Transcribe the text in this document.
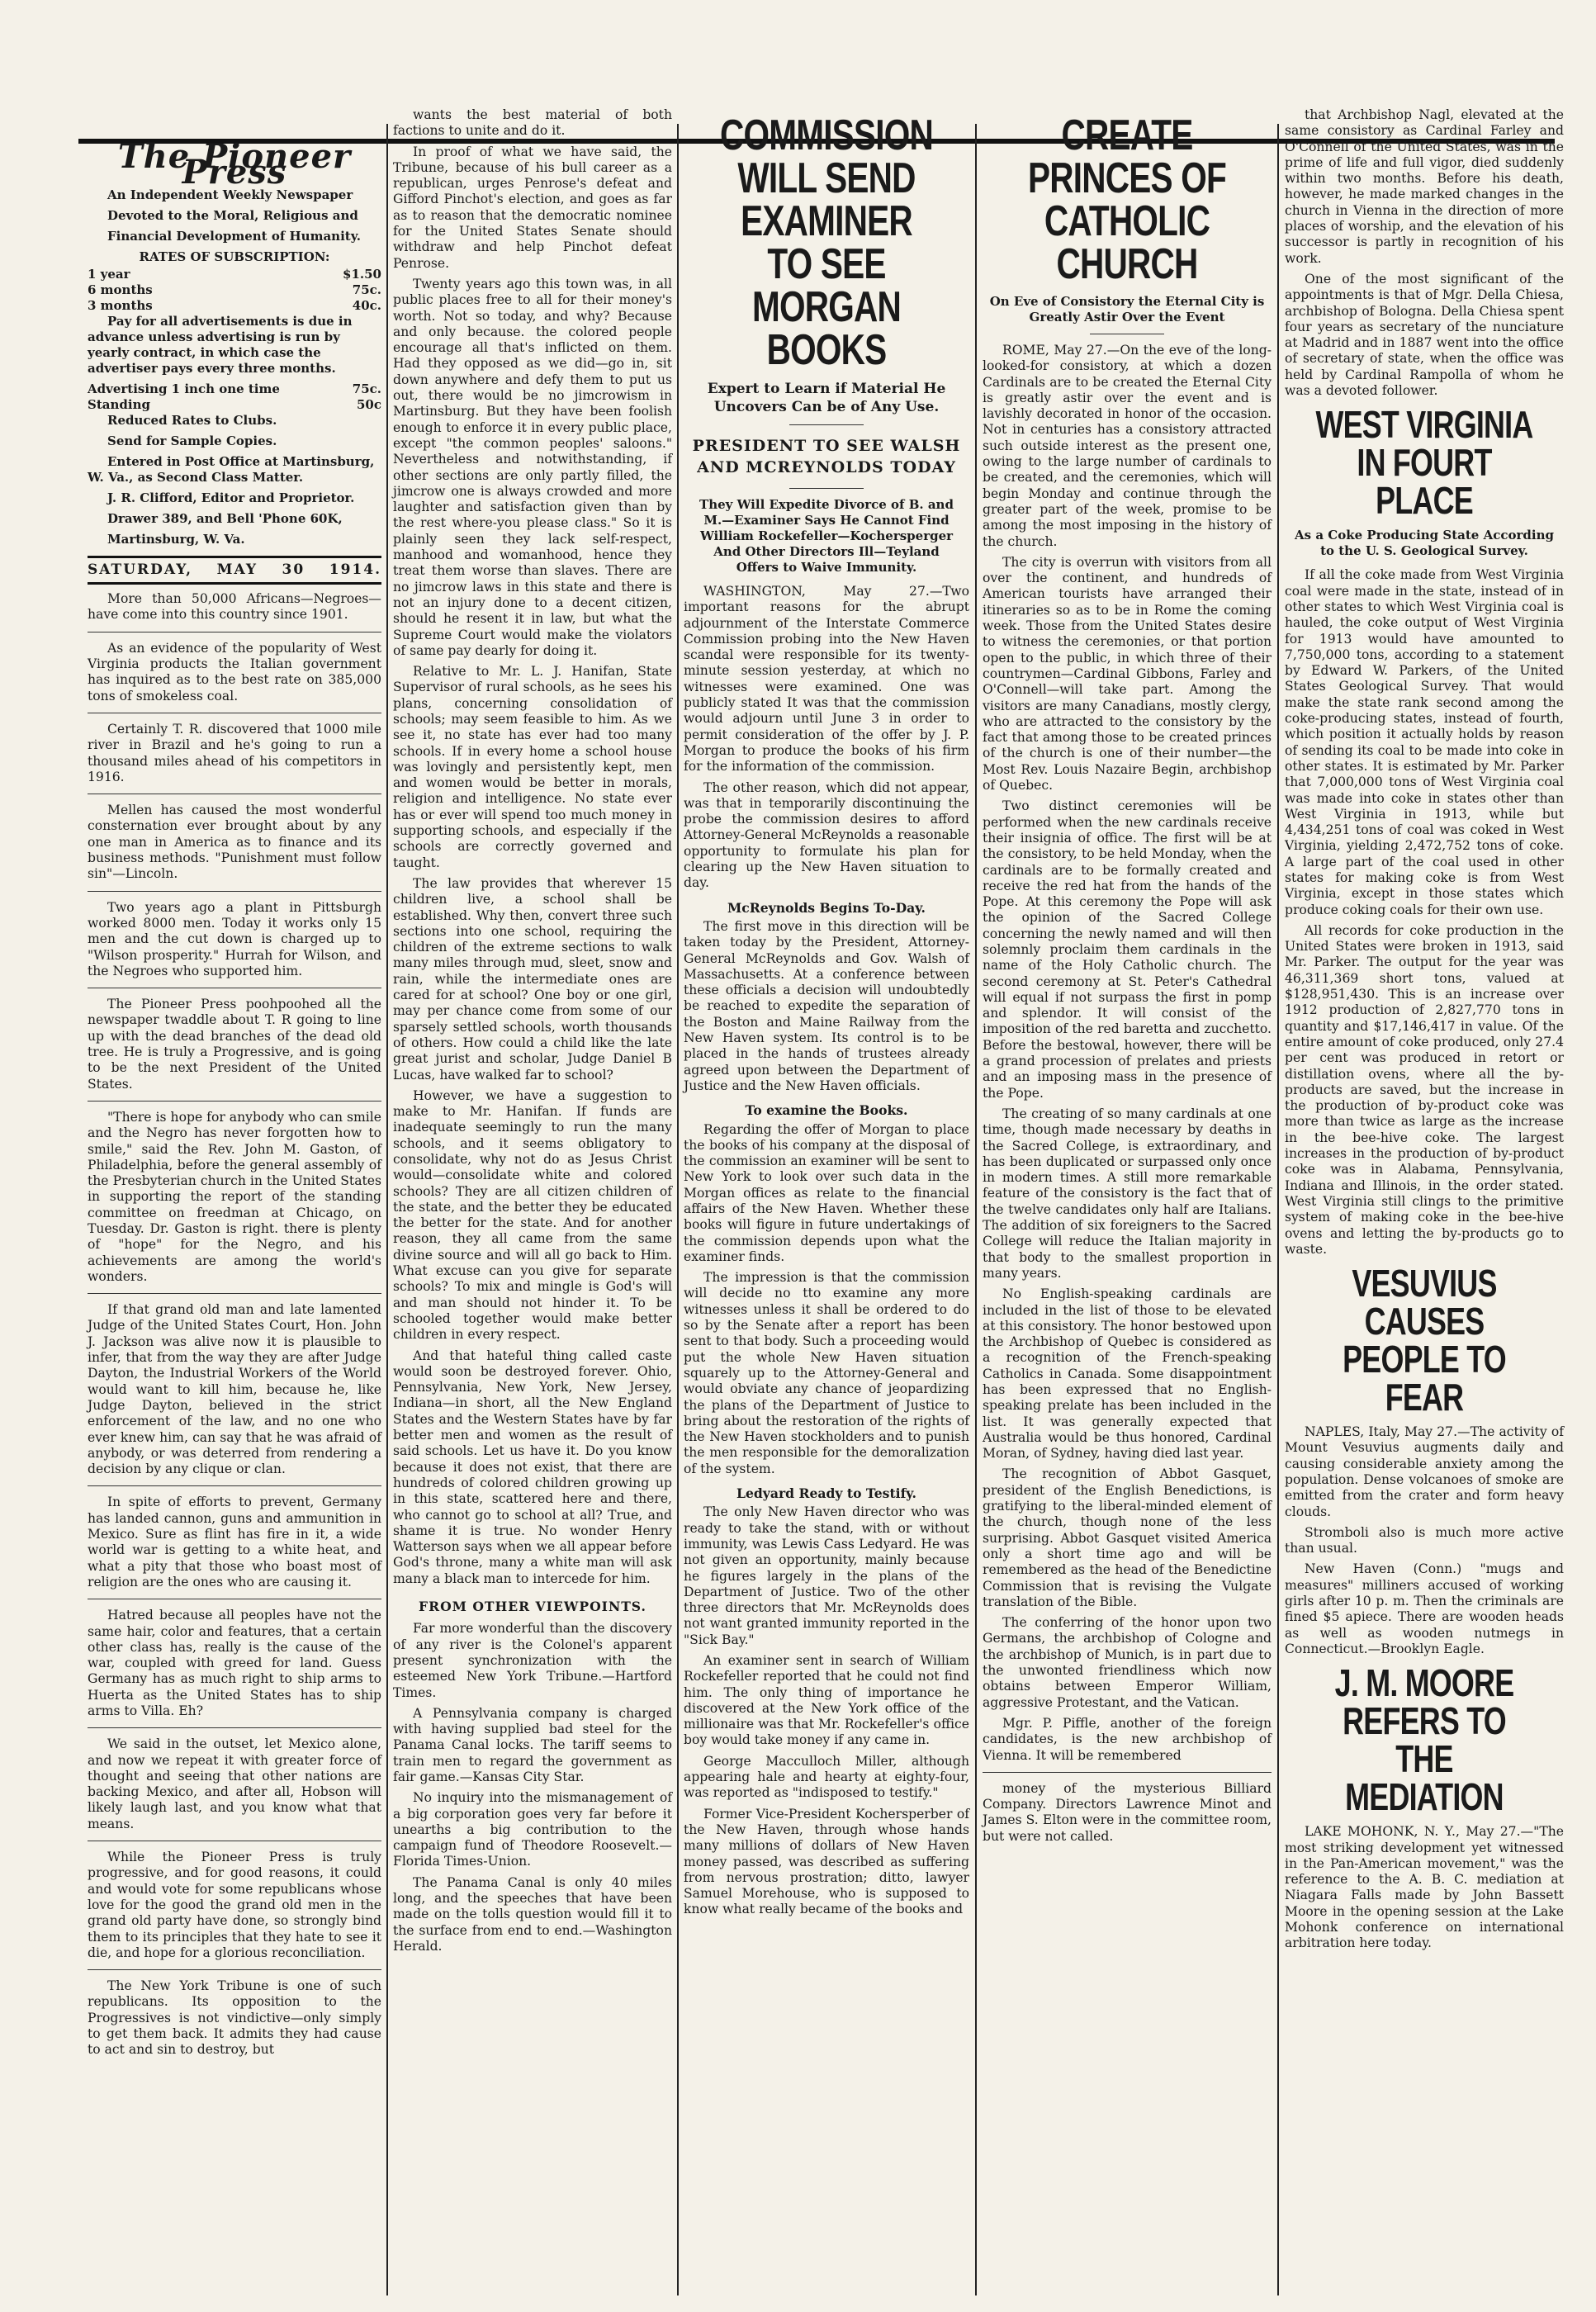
The Pioneer Press

An Independent Weekly Newspaper

Devoted to the Moral, Religious and

Financial Development of Humanity.

RATES OF SUBSCRIPTION:
1 year	$1.50
6 months	75c.
3 months	40c.

Pay for all advertisements is due in advance unless advertising is run by yearly contract, in which case the advertiser pays every three months.

Advertising 1 inch one time	75c.
Standing	50c

Reduced Rates to Clubs.

Send for Sample Copies.

Entered in Post Office at Martinsburg, W. Va., as Second Class Matter.

J. R. Clifford, Editor and Proprietor.

Drawer 389, and Bell 'Phone 60K,

Martinsburg, W. Va.

SATURDAY, MAY 30 1914.

More than 50,000 Africans—Negroes—have come into this country since 1901.

As an evidence of the popularity of West Virginia products the Italian government has inquired as to the best rate on 385,000 tons of smokeless coal.

Certainly T. R. discovered that 1000 mile river in Brazil and he's going to run a thousand miles ahead of his competitors in 1916.

Mellen has caused the most wonderful consternation ever brought about by any one man in America as to finance and its business methods. "Punishment must follow sin"—Lincoln.

Two years ago a plant in Pittsburgh worked 8000 men. Today it works only 15 men and the cut down is charged up to "Wilson prosperity." Hurrah for Wilson, and the Negroes who supported him.

The Pioneer Press poohpoohed all the newspaper twaddle about T. R going to line up with the dead branches of the dead old tree. He is truly a Progressive, and is going to be the next President of the United States.

"There is hope for anybody who can smile and the Negro has never forgotten how to smile," said the Rev. John M. Gaston, of Philadelphia, before the general assembly of the Presbyterian church in the United States in supporting the report of the standing committee on freedman at Chicago, on Tuesday. Dr. Gaston is right. there is plenty of "hope" for the Negro, and his achievements are among the world's wonders.

If that grand old man and late lamented Judge of the United States Court, Hon. John J. Jackson was alive now it is plausible to infer, that from the way they are after Judge Dayton, the Industrial Workers of the World would want to kill him, because he, like Judge Dayton, believed in the strict enforcement of the law, and no one who ever knew him, can say that he was afraid of anybody, or was deterred from rendering a decision by any clique or clan.

In spite of efforts to prevent, Germany has landed cannon, guns and ammunition in Mexico. Sure as flint has fire in it, a wide world war is getting to a white heat, and what a pity that those who boast most of religion are the ones who are causing it.

Hatred because all peoples have not the same hair, color and features, that a certain other class has, really is the cause of the war, coupled with greed for land. Guess Germany has as much right to ship arms to Huerta as the United States has to ship arms to Villa. Eh?

We said in the outset, let Mexico alone, and now we repeat it with greater force of thought and seeing that other nations are backing Mexico, and after all, Hobson will likely laugh last, and you know what that means.

While the Pioneer Press is truly progressive, and for good reasons, it could and would vote for some republicans whose love for the good the grand old men in the grand old party have done, so strongly bind them to its principles that they hate to see it die, and hope for a glorious reconciliation.

The New York Tribune is one of such republicans. Its opposition to the Progressives is not vindictive—only simply to get them back. It admits they had cause to act and sin to destroy, but

wants the best material of both factions to unite and do it.

In proof of what we have said, the Tribune, because of his bull career as a republican, urges Penrose's defeat and Gifford Pinchot's election, and goes as far as to reason that the democratic nominee for the United States Senate should withdraw and help Pinchot defeat Penrose.

Twenty years ago this town was, in all public places free to all for their money's worth. Not so today, and why? Because and only because. the colored people encourage all that's inflicted on them. Had they opposed as we did—go in, sit down anywhere and defy them to put us out, there would be no jimcrowism in Martinsburg. But they have been foolish enough to enforce it in every public place, except "the common peoples' saloons." Nevertheless and notwithstanding, if other sections are only partly filled, the jimcrow one is always crowded and more laughter and satisfaction given than by the rest where-you please class." So it is plainly seen they lack self-respect, manhood and womanhood, hence they treat them worse than slaves. There are no jimcrow laws in this state and there is not an injury done to a decent citizen, should he resent it in law, but what the Supreme Court would make the violators of same pay dearly for doing it.

Relative to Mr. L. J. Hanifan, State Supervisor of rural schools, as he sees his plans, concerning consolidation of schools; may seem feasible to him. As we see it, no state has ever had too many schools. If in every home a school house was lovingly and persistently kept, men and women would be better in morals, religion and intelligence. No state ever has or ever will spend too much money in supporting schools, and especially if the schools are correctly governed and taught.

The law provides that wherever 15 children live, a school shall be established. Why then, convert three such sections into one school, requiring the children of the extreme sections to walk many miles through mud, sleet, snow and rain, while the intermediate ones are cared for at school? One boy or one girl, may per chance come from some of our sparsely settled schools, worth thousands of others. How could a child like the late great jurist and scholar, Judge Daniel B Lucas, have walked far to school?

However, we have a suggestion to make to Mr. Hanifan. If funds are inadequate seemingly to run the many schools, and it seems obligatory to consolidate, why not do as Jesus Christ would—consolidate white and colored schools? They are all citizen children of the state, and the better they be educated the better for the state. And for another reason, they all came from the same divine source and will all go back to Him. What excuse can you give for separate schools? To mix and mingle is God's will and man should not hinder it. To be schooled together would make better children in every respect.

And that hateful thing called caste would soon be destroyed forever. Ohio, Pennsylvania, New York, New Jersey, Indiana—in short, all the New England States and the Western States have by far better men and women as the result of said schools. Let us have it. Do you know because it does not exist, that there are hundreds of colored children growing up in this state, scattered here and there, who cannot go to school at all? True, and shame it is true. No wonder Henry Watterson says when we all appear before God's throne, many a white man will ask many a black man to intercede for him.

FROM OTHER VIEWPOINTS.

Far more wonderful than the discovery of any river is the Colonel's apparent present synchronization with the esteemed New York Tribune.—Hartford Times.

A Pennsylvania company is charged with having supplied bad steel for the Panama Canal locks. The tariff seems to train men to regard the government as fair game.—Kansas City Star.

No inquiry into the mismanagement of a big corporation goes very far before it unearths a big contribution to the campaign fund of Theodore Roosevelt.—Florida Times-Union.

The Panama Canal is only 40 miles long, and the speeches that have been made on the tolls question would fill it to the surface from end to end.—Washington Herald.

COMMISSION WILL SEND EXAMINER TO SEE MORGAN BOOKS
Expert to Learn if Material He Uncovers Can be of Any Use.
PRESIDENT TO SEE WALSH AND MCREYNOLDS TODAY
They Will Expedite Divorce of B. and M.—Examiner Says He Cannot Find William Rockefeller—Kochersperger And Other Directors Ill—Teyland Offers to Waive Immunity.

WASHINGTON, May 27.—Two important reasons for the abrupt adjournment of the Interstate Commerce Commission probing into the New Haven scandal were responsible for its twenty-minute session yesterday, at which no witnesses were examined. One was publicly stated It was that the commission would adjourn until June 3 in order to permit consideration of the offer by J. P. Morgan to produce the books of his firm for the information of the commission.

The other reason, which did not appear, was that in temporarily discontinuing the probe the commission desires to afford Attorney-General McReynolds a reasonable opportunity to formulate his plan for clearing up the New Haven situation to day.

McReynolds Begins To-Day.

The first move in this direction will be taken today by the President, Attorney-General McReynolds and Gov. Walsh of Massachusetts. At a conference between these officials a decision will undoubtedly be reached to expedite the separation of the Boston and Maine Railway from the New Haven system. Its control is to be placed in the hands of trustees already agreed upon between the Department of Justice and the New Haven officials.

To examine the Books.

Regarding the offer of Morgan to place the books of his company at the disposal of the commission an examiner will be sent to New York to look over such data in the Morgan offices as relate to the financial affairs of the New Haven. Whether these books will figure in future undertakings of the commission depends upon what the examiner finds.

The impression is that the commission will decide no tto examine any more witnesses unless it shall be ordered to do so by the Senate after a report has been sent to that body. Such a proceeding would put the whole New Haven situation squarely up to the Attorney-General and would obviate any chance of jeopardizing the plans of the Department of Justice to bring about the restoration of the rights of the New Haven stockholders and to punish the men responsible for the demoralization of the system.

Ledyard Ready to Testify.

The only New Haven director who was ready to take the stand, with or without immunity, was Lewis Cass Ledyard. He was not given an opportunity, mainly because he figures largely in the plans of the Department of Justice. Two of the other three directors that Mr. McReynolds does not want granted immunity reported in the "Sick Bay."

An examiner sent in search of William Rockefeller reported that he could not find him. The only thing of importance he discovered at the New York office of the millionaire was that Mr. Rockefeller's office boy would take money if any came in.

George Macculloch Miller, although appearing hale and hearty at eighty-four, was reported as "indisposed to testify."

Former Vice-President Kochersperber of the New Haven, through whose hands many millions of dollars of New Haven money passed, was described as suffering from nervous prostration; ditto, lawyer Samuel Morehouse, who is supposed to know what really became of the books and

CREATE PRINCES OF CATHOLIC CHURCH
On Eve of Consistory the Eternal City is Greatly Astir Over the Event

ROME, May 27.—On the eve of the long-looked-for consistory, at which a dozen Cardinals are to be created the Eternal City is greatly astir over the event and is lavishly decorated in honor of the occasion. Not in centuries has a consistory attracted such outside interest as the present one, owing to the large number of cardinals to be created, and the ceremonies, which will begin Monday and continue through the greater part of the week, promise to be among the most imposing in the history of the church.

The city is overrun with visitors from all over the continent, and hundreds of American tourists have arranged their itineraries so as to be in Rome the coming week. Those from the United States desire to witness the ceremonies, or that portion open to the public, in which three of their countrymen—Cardinal Gibbons, Farley and O'Connell—will take part. Among the visitors are many Canadians, mostly clergy, who are attracted to the consistory by the fact that among those to be created princes of the church is one of their number—the Most Rev. Louis Nazaire Begin, archbishop of Quebec.

Two distinct ceremonies will be performed when the new cardinals receive their insignia of office. The first will be at the consistory, to be held Monday, when the cardinals are to be formally created and receive the red hat from the hands of the Pope. At this ceremony the Pope will ask the opinion of the Sacred College concerning the newly named and will then solemnly proclaim them cardinals in the name of the Holy Catholic church. The second ceremony at St. Peter's Cathedral will equal if not surpass the first in pomp and splendor. It will consist of the imposition of the red baretta and zucchetto. Before the bestowal, however, there will be a grand procession of prelates and priests and an imposing mass in the presence of the Pope.

The creating of so many cardinals at one time, though made necessary by deaths in the Sacred College, is extraordinary, and has been duplicated or surpassed only once in modern times. A still more remarkable feature of the consistory is the fact that of the twelve candidates only half are Italians. The addition of six foreigners to the Sacred College will reduce the Italian majority in that body to the smallest proportion in many years.

No English-speaking cardinals are included in the list of those to be elevated at this consistory. The honor bestowed upon the Archbishop of Quebec is considered as a recognition of the French-speaking Catholics in Canada. Some disappointment has been expressed that no English-speaking prelate has been included in the list. It was generally expected that Australia would be thus honored, Cardinal Moran, of Sydney, having died last year.

The recognition of Abbot Gasquet, president of the English Benedictions, is gratifying to the liberal-minded element of the church, though none of the less surprising. Abbot Gasquet visited America only a short time ago and will be remembered as the head of the Benedictine Commission that is revising the Vulgate translation of the Bible.

The conferring of the honor upon two Germans, the archbishop of Cologne and the archbishop of Munich, is in part due to the unwonted friendliness which now obtains between Emperor William, aggressive Protestant, and the Vatican.

Mgr. P. Piffle, another of the foreign candidates, is the new archbishop of Vienna. It will be remembered

money of the mysterious Billiard Company. Directors Lawrence Minot and James S. Elton were in the committee room, but were not called.

that Archbishop Nagl, elevated at the same consistory as Cardinal Farley and O'Connell of the United States, was in the prime of life and full vigor, died suddenly within two months. Before his death, however, he made marked changes in the church in Vienna in the direction of more places of worship, and the elevation of his successor is partly in recognition of his work.

One of the most significant of the appointments is that of Mgr. Della Chiesa, archbishop of Bologna. Della Chiesa spent four years as secretary of the nunciature at Madrid and in 1887 went into the office of secretary of state, when the office was held by Cardinal Rampolla of whom he was a devoted follower.

WEST VIRGINIA IN FOURT PLACE
As a Coke Producing State According to the U. S. Geological Survey.

If all the coke made from West Virginia coal were made in the state, instead of in other states to which West Virginia coal is hauled, the coke output of West Virginia for 1913 would have amounted to 7,750,000 tons, according to a statement by Edward W. Parkers, of the United States Geological Survey. That would make the state rank second among the coke-producing states, instead of fourth, which position it actually holds by reason of sending its coal to be made into coke in other states. It is estimated by Mr. Parker that 7,000,000 tons of West Virginia coal was made into coke in states other than West Virginia in 1913, while but 4,434,251 tons of coal was coked in West Virginia, yielding 2,472,752 tons of coke. A large part of the coal used in other states for making coke is from West Virginia, except in those states which produce coking coals for their own use.

All records for coke production in the United States were broken in 1913, said Mr. Parker. The output for the year was 46,311,369 short tons, valued at $128,951,430. This is an increase over 1912 production of 2,827,770 tons in quantity and $17,146,417 in value. Of the entire amount of coke produced, only 27.4 per cent was produced in retort or distillation ovens, where all the by-products are saved, but the increase in the production of by-product coke was more than twice as large as the increase in the bee-hive coke. The largest increases in the production of by-product coke was in Alabama, Pennsylvania, Indiana and Illinois, in the order stated. West Virginia still clings to the primitive system of making coke in the bee-hive ovens and letting the by-products go to waste.

VESUVIUS CAUSES PEOPLE TO FEAR

NAPLES, Italy, May 27.—The activity of Mount Vesuvius augments daily and causing considerable anxiety among the population. Dense volcanoes of smoke are emitted from the crater and form heavy clouds.

Stromboli also is much more active than usual.

New Haven (Conn.) "mugs and measures" milliners accused of working girls after 10 p. m. Then the criminals are fined $5 apiece. There are wooden heads as well as wooden nutmegs in Connecticut.—Brooklyn Eagle.

J. M. MOORE REFERS TO THE MEDIATION

LAKE MOHONK, N. Y., May 27.—"The most striking development yet witnessed in the Pan-American movement," was the reference to the A. B. C. mediation at Niagara Falls made by John Bassett Moore in the opening session at the Lake Mohonk conference on international arbitration here today.
